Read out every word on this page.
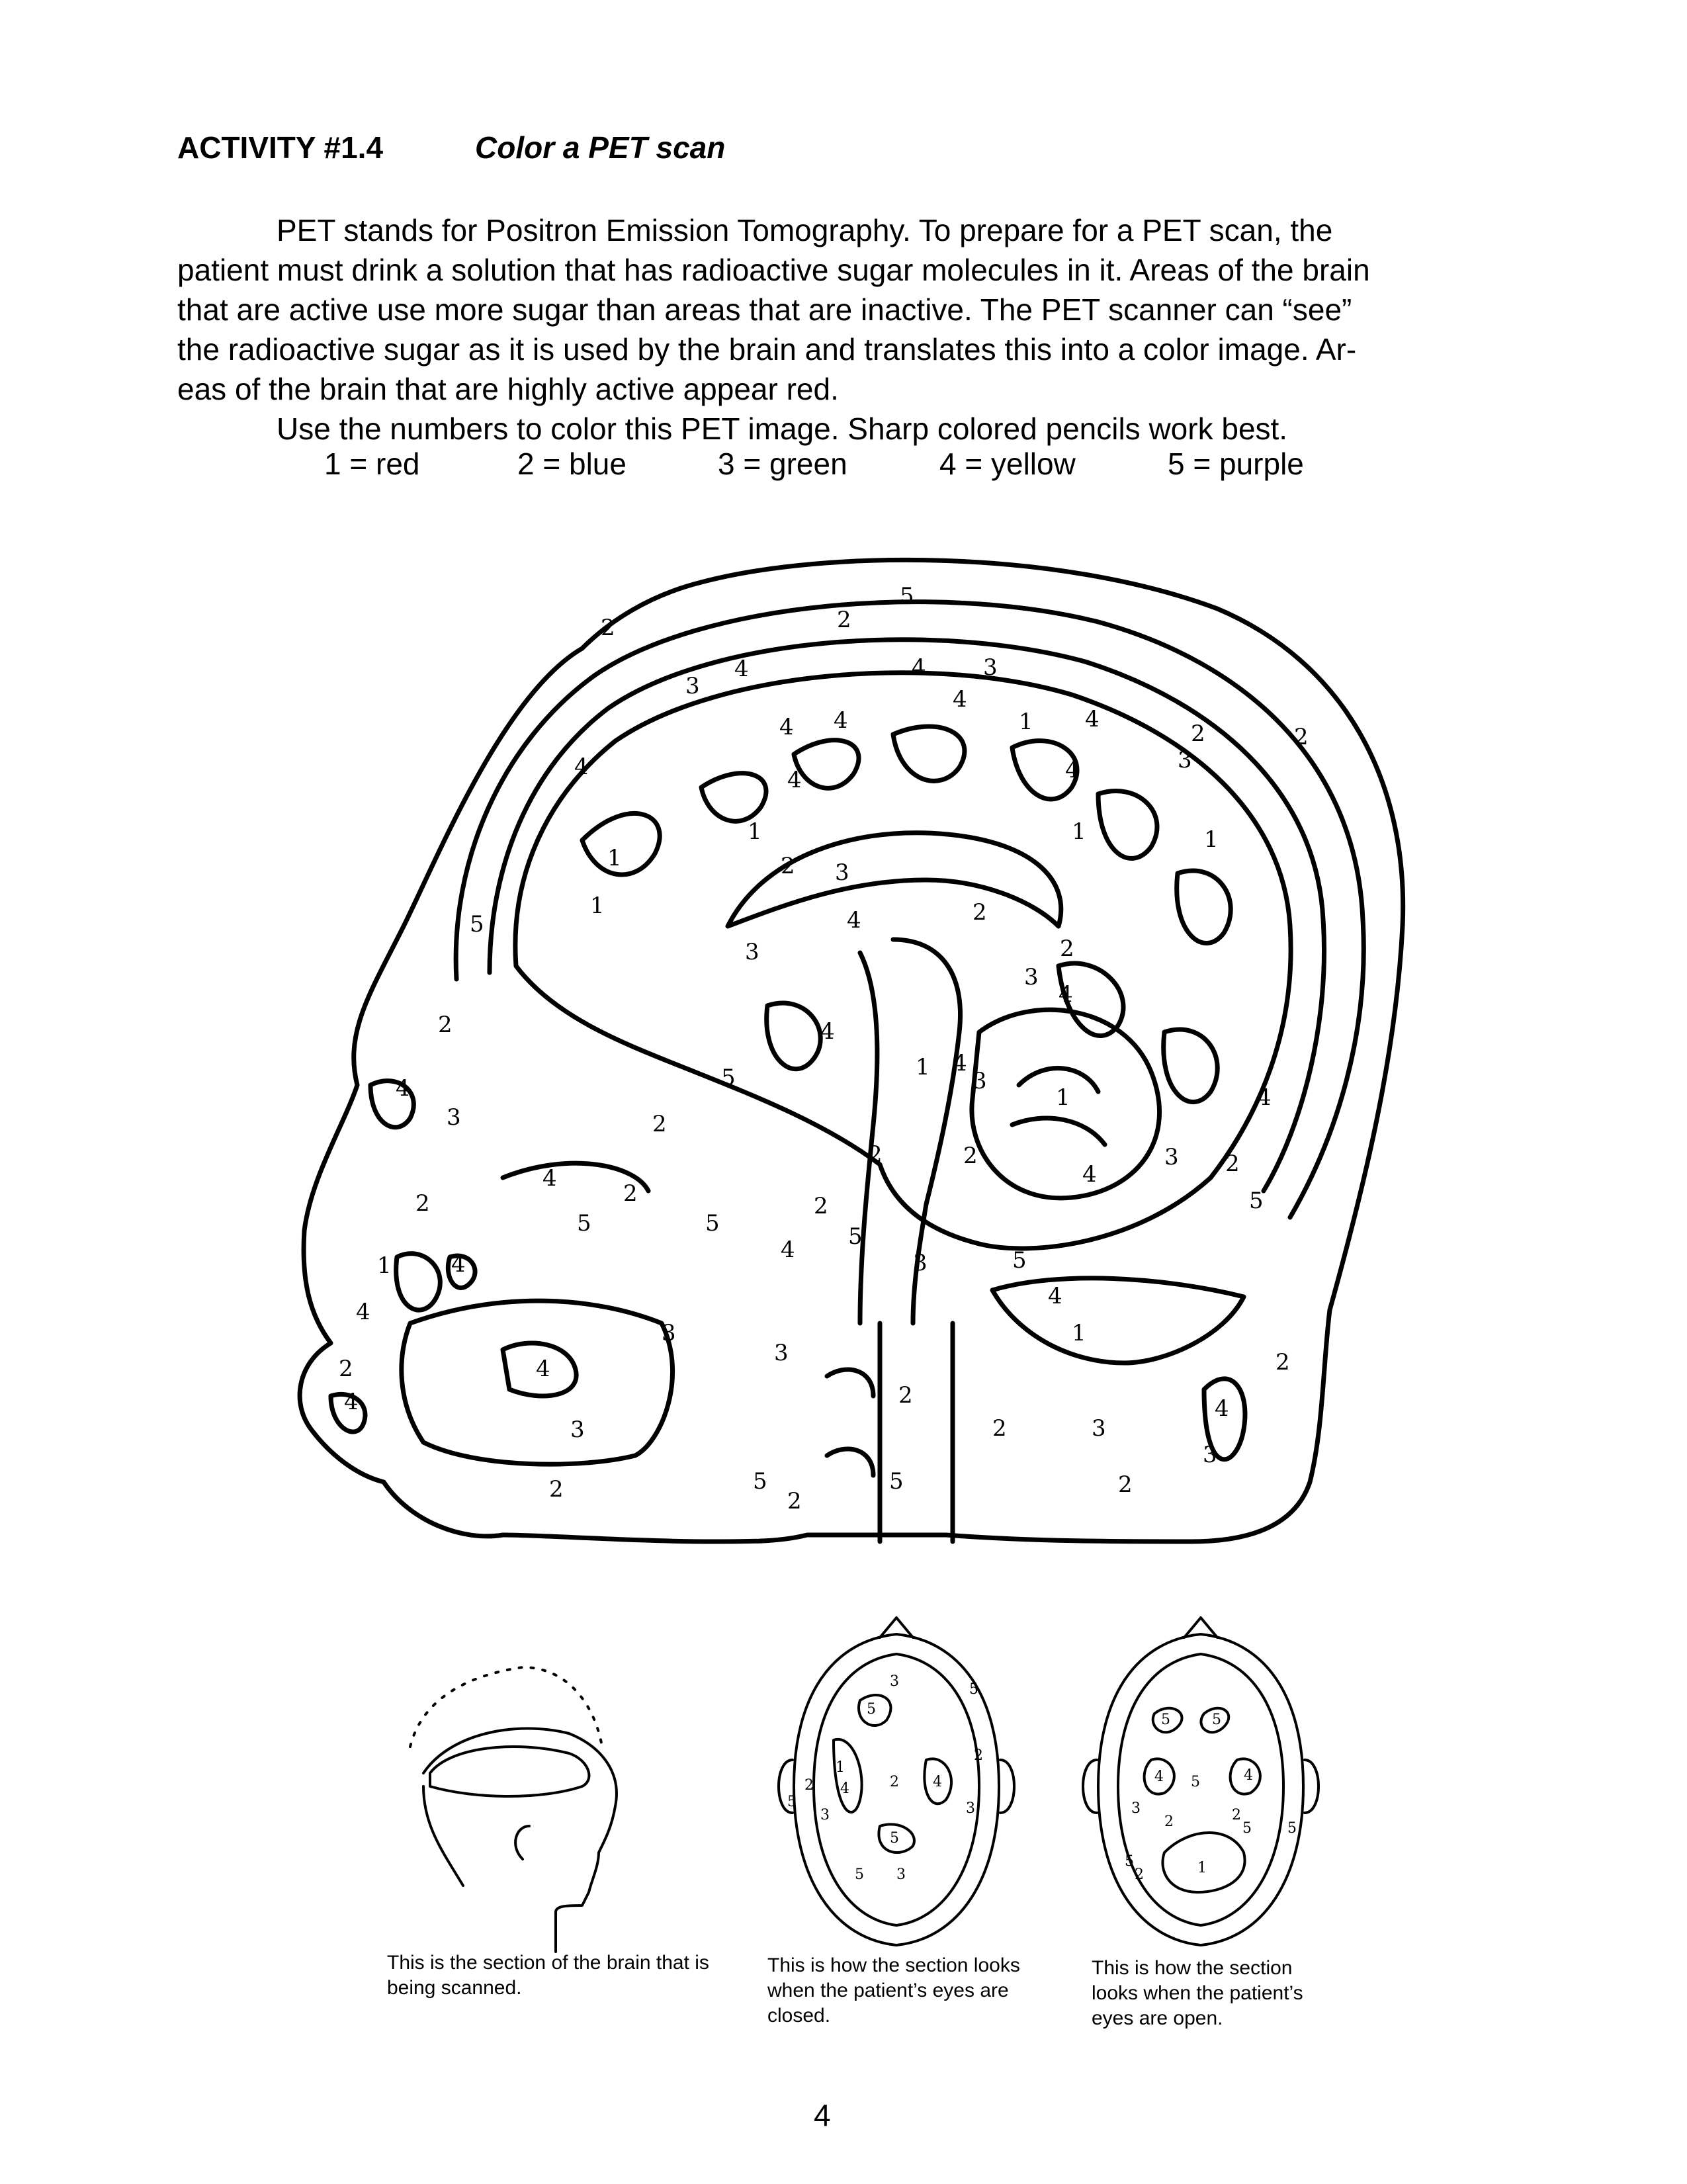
ACTIVITY #1.4	Color a PET scan
PET stands for Positron Emission Tomography. To prepare for a PET scan, the
patient must drink a solution that has radioactive sugar molecules in it. Areas of the brain
that are active use more sugar than areas that are inactive. The PET scanner can “see”
the radioactive sugar as it is used by the brain and translates this into a color image. Ar-
eas of the brain that are highly active appear red.
Use the numbers to color this PET image. Sharp colored pencils work best.
1 = red	2 = blue	3 = green	4 = yellow	5 = purple
5
2
2
3
4	4	3
4
4 4
4	4
1 4
4
2	2
3
1
2 3
1
1
1	1
4	2
5
3	2
3
4
2	4
5	1 4
3
1
4
3	2
4
2	2	3
4	2
4
2
5
2
5
2
5
5
4	3	5
1	4
4
1
4
3
3
4
2
4	2
2	3
4
2
3
5	5
2
2
3
2
3
5
5
1
4	2 4
2
2
5
3	3
5
5 3
5	5
4 5	4
3
2	2
5 5
5
2	1
This is the section of the brain that is being scanned.
This is how the section looks when the patient’s eyes are closed.
This is how the section looks when the patient’s eyes are open.
4
